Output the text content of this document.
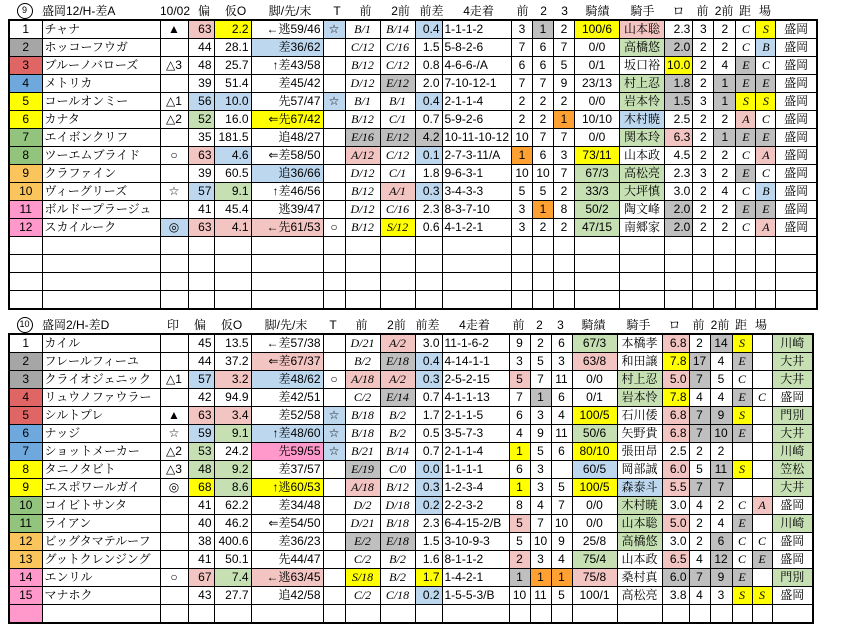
9	盛岡12/H-差A	10/02	偏	仮O	脚/先/末	T	前	2前	前差	4走着	前	2	3	騎績	騎手	ロ	前	2前	距	場	
1	チャナ	▲	63	2.2	←逃59/46	☆	B/1	B/14	0.4	1-1-1-2	3	1	2	100/6	山本聡	2.3	3	2	C	S	盛岡
2	ホッコーフウガ		44	28.1	差36/62		C/12	C/16	1.5	5-8-2-6	7	6	7	0/0	高橋悠	2.0	2	2	C	B	盛岡
3	ブルーノバローズ	△3	48	25.7	↑差43/58		B/12	C/12	0.8	4-6-6-/A	6	6	5	0/1	坂口裕	10.0	2	4	E	C	盛岡
4	メトリカ		39	51.4	差45/42		D/12	E/12	2.0	7-10-12-1	7	7	9	23/13	村上忍	1.8	2	1	E	E	盛岡
5	コールオンミー	△1	56	10.0	先57/47	☆	B/1	B/1	0.4	2-1-1-4	2	2	2	0/0	岩本怜	1.5	3	1	S	S	盛岡
6	カナタ	△2	52	16.0	⇐先67/42		B/12	C/1	0.7	5-9-2-6	2	2	1	10/10	木村暁	2.5	2	2	A	C	盛岡
7	エイボンクリフ		35	181.5	追48/27		E/16	E/12	4.2	10-11-10-12	10	7	7	0/0	関本玲	6.3	2	1	E	E	盛岡
8	ツーエムブライド	○	63	4.6	⇐差58/50		A/12	C/12	0.1	2-7-3-11/A	1	6	3	73/11	山本政	4.5	2	2	C	A	盛岡
9	クラファイン		39	60.5	追36/66		D/12	C/1	1.8	9-6-3-1	10	10	7	67/3	高松亮	2.3	3	2	E	C	盛岡
10	ヴィーグリーズ	☆	57	9.1	↑差46/56		B/12	A/1	0.3	3-4-3-3	5	5	2	33/3	大坪慎	3.0	2	4	C	B	盛岡
11	ボルドープラージュ		41	45.4	逃39/47		D/12	C/16	2.3	8-3-7-10	3	1	8	50/2	陶文峰	2.0	2	2	E	E	盛岡
12	スカイルーク	◎	63	4.1	←先61/53	○	B/12	S/12	0.6	4-1-2-1	3	2	2	47/15	南郷家	2.0	2	2	C	A	盛岡

10	盛岡2/H-差D	印	偏	仮O	脚/先/末	T	前	2前	前差	4走着	前	2	3	騎績	騎手	ロ	前	2前	距	場	
1	カイル		45	13.5	←差57/38		D/21	A/2	3.0	11-1-6-2	9	2	6	67/3	本橋孝	6.8	2	14	S		川崎
2	フレールフィーユ		44	37.2	⇐差67/37		B/2	E/18	0.4	4-14-1-1	3	5	3	63/8	和田譲	7.8	17	4	E		大井
3	クライオジェニック	△1	57	3.2	差48/62	○	A/18	A/2	0.3	2-5-2-15	5	7	11	0/0	村上忍	5.0	7	5	C		大井
4	リュウノファウラー		42	94.9	差42/51		C/2	E/14	0.7	4-1-1-13	7	1	6	0/1	岩本怜	7.8	4	4	E	C	盛岡
5	シルトプレ	▲	63	3.4	差52/58	☆	B/18	B/2	1.7	2-1-1-5	6	3	4	100/5	石川倭	6.8	7	9	S		門別
6	ナッジ	☆	59	9.1	↑差48/60	☆	B/18	B/2	0.5	3-5-7-3	4	9	11	50/6	矢野貴	6.8	7	10	E		大井
7	ショットメーカー	△2	53	24.2	先59/55	☆	B/21	B/14	0.7	2-1-1-4	1	5	6	80/10	張田昂	2.5	2	2			川崎
8	タニノタビト	△3	48	9.2	差37/57		E/19	C/0	0.0	1-1-1-1	6	3		60/5	岡部誠	6.0	5	11	S		笠松
9	エスポワールガイ	◎	68	8.6	↑逃60/53		A/18	B/12	0.3	1-2-3-4	1	3	5	100/5	森泰斗	5.5	7	7			大井
10	コイビトサンタ		41	62.2	差34/48		D/2	D/18	0.2	2-2-3-2	8	4	7	0/0	木村暁	3.0	4	2	C	A	盛岡
11	ライアン		40	46.2	⇐差54/50		D/21	B/18	2.3	6-4-15-2/B	5	7	10	0/0	山本聡	5.0	2	4	E		川崎
12	ビッグタマテルーフ		38	400.6	差36/23		E/2	E/18	1.5	3-10-9-3	5	10	9	25/8	高橋悠	3.0	2	6	C	C	盛岡
13	グットクレンジング		41	50.1	先44/47		C/2	B/2	1.6	8-1-1-2	2	3	4	75/4	山本政	6.5	4	12	C	E	盛岡
14	エンリル	○	67	7.4	←逃63/45		S/18	B/2	1.7	1-4-2-1	1	1	1	75/8	桑村真	6.0	7	9	E		門別
15	マナホク		43	27.7	追42/58		C/2	C/18	0.2	1-5-5-3/B	10	11	5	100/1	高松亮	3.8	4	3	S	S	盛岡
